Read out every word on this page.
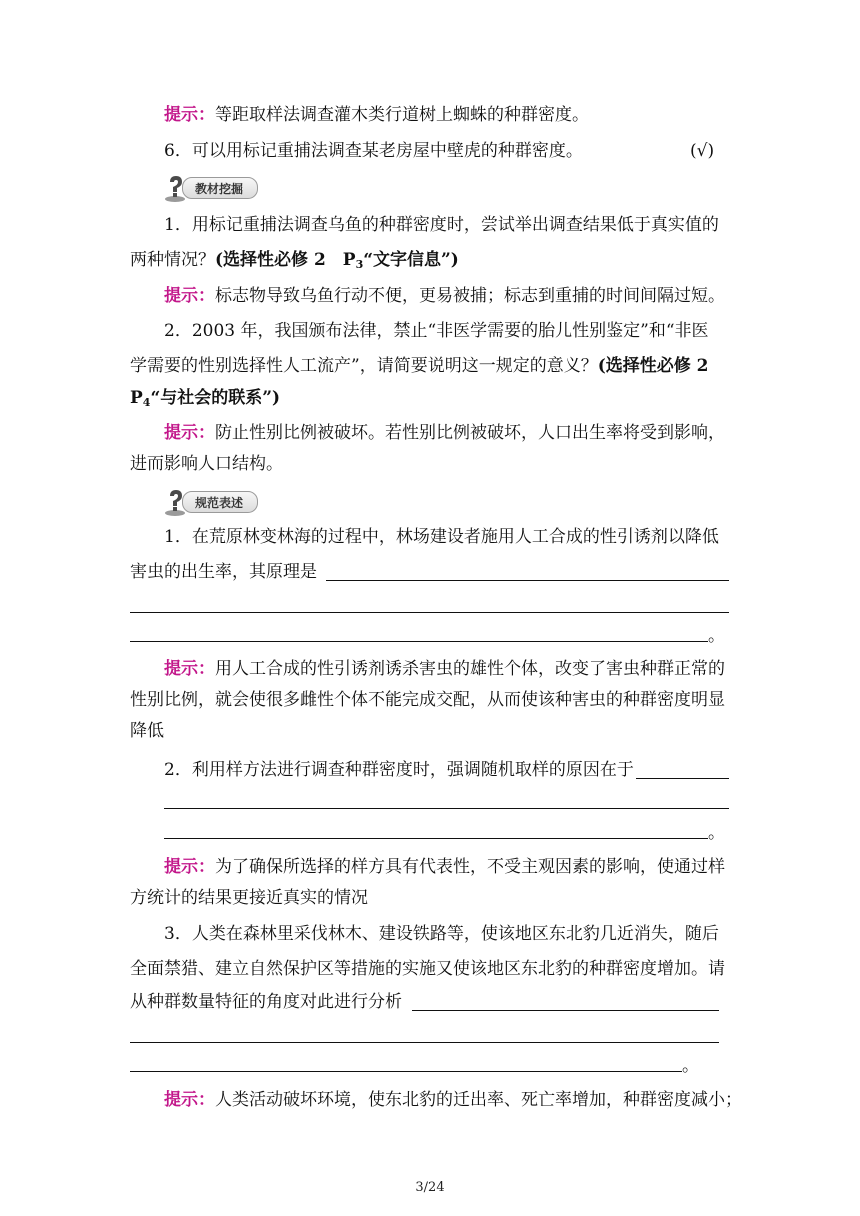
提示：等距取样法调查灌木类行道树上蜘蛛的种群密度。
6．可以用标记重捕法调查某老房屋中壁虎的种群密度。	(√)
教材挖掘
1．用标记重捕法调查乌鱼的种群密度时，尝试举出调查结果低于真实值的
两种情况？(选择性必修 2　$P_3“$文字信息”)
提示：标志物导致乌鱼行动不便，更易被捕；标志到重捕的时间间隔过短。
2．2003 年，我国颁布法律，禁止“非医学需要的胎儿性别鉴定”和“非医
学需要的性别选择性人工流产”，请简要说明这一规定的意义？(选择性必修 2
$P_4“$与社会的联系”)
提示：防止性别比例被破坏。若性别比例被破坏，人口出生率将受到影响，
进而影响人口结构。
规范表述
1．在荒原林变林海的过程中，林场建设者施用人工合成的性引诱剂以降低
害虫的出生率，其原理是
。
提示：用人工合成的性引诱剂诱杀害虫的雄性个体，改变了害虫种群正常的
性别比例，就会使很多雌性个体不能完成交配，从而使该种害虫的种群密度明显
降低
2．利用样方法进行调查种群密度时，强调随机取样的原因在于
。
提示：为了确保所选择的样方具有代表性，不受主观因素的影响，使通过样
方统计的结果更接近真实的情况
3．人类在森林里采伐林木、建设铁路等，使该地区东北豹几近消失，随后
全面禁猎、建立自然保护区等措施的实施又使该地区东北豹的种群密度增加。请
从种群数量特征的角度对此进行分析
。
提示：人类活动破坏环境，使东北豹的迁出率、死亡率增加，种群密度减小；
3/24
